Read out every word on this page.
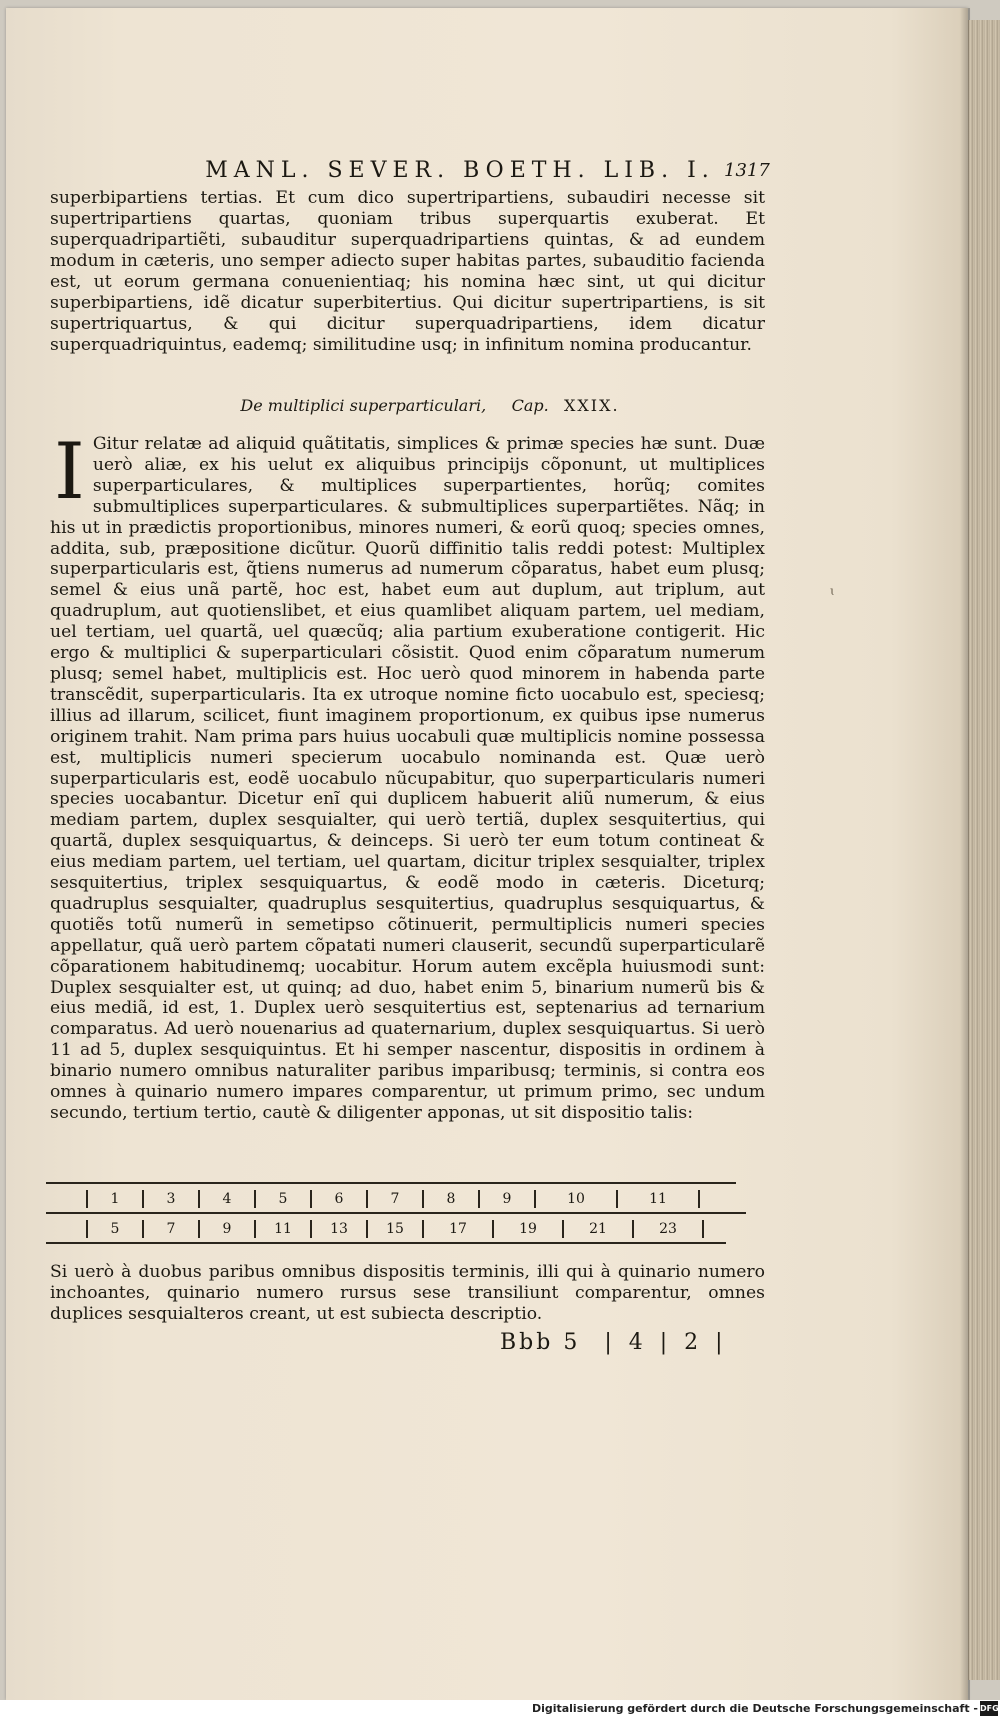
MANL. SEVER. BOETH. LIB. I. 1317

superbipartiens tertias. Et cum dico supertripartiens, subaudiri necesse sit supertripartiens quartas, quoniam tribus superquartis exuberat. Et superquadripartiẽti, subauditur superquadripartiens quintas, & ad eundem modum in cæteris, uno semper adiecto super habitas partes, subauditio facienda est, ut eorum germana conuenientiaq; his nomina hæc sint, ut qui dicitur superbipartiens, idẽ dicatur superbitertius. Qui dicitur supertripartiens, is sit supertriquartus, & qui dicitur superquadripartiens, idem dicatur superquadriquintus, eademq; similitudine usq; in infinitum nomina producantur.

De multiplici superparticulari, Cap. XXIX.

I Gitur relatæ ad aliquid quãtitatis, simplices & primæ species hæ sunt. Duæ uerò aliæ, ex his uelut ex aliquibus principijs cõponunt, ut multiplices superparticulares, & multiplices superpartientes, horũq; comites submultiplices superparticulares. & submultiplices superpartiẽtes. Nãq; in his ut in prædictis proportionibus, minores numeri, & eorũ quoq; species omnes, addita, sub, præpositione dicũtur. Quorũ diffinitio talis reddi potest: Multiplex superparticularis est, q̃tiens numerus ad numerum cõparatus, habet eum plusq; semel & eius unã partẽ, hoc est, habet eum aut duplum, aut triplum, aut quadruplum, aut quotienslibet, et eius quamlibet aliquam partem, uel mediam, uel tertiam, uel quartã, uel quæcũq; alia partium exuberatione contigerit. Hic ergo & multiplici & superparticulari cõsistit. Quod enim cõparatum numerum plusq; semel habet, multiplicis est. Hoc uerò quod minorem in habenda parte transcẽdit, superparticularis. Ita ex utroque nomine ficto uocabulo est, speciesq; illius ad illarum, scilicet, fiunt imaginem proportionum, ex quibus ipse numerus originem trahit. Nam prima pars huius uocabuli quæ multiplicis nomine possessa est, multiplicis numeri specierum uocabulo nominanda est. Quæ uerò superparticularis est, eodẽ uocabulo nũcupabitur, quo superparticularis numeri species uocabantur. Dicetur enĩ qui duplicem habuerit aliũ numerum, & eius mediam partem, duplex sesquialter, qui uerò tertiã, duplex sesquitertius, qui quartã, duplex sesquiquartus, & deinceps. Si uerò ter eum totum contineat & eius mediam partem, uel tertiam, uel quartam, dicitur triplex sesquialter, triplex sesquitertius, triplex sesquiquartus, & eodẽ modo in cæteris. Diceturq; quadruplus sesquialter, quadruplus sesquitertius, quadruplus sesquiquartus, & quotiẽs totũ numerũ in semetipso cõtinuerit, permultiplicis numeri species appellatur, quã uerò partem cõpatati numeri clauserit, secundũ superparticularẽ cõparationem habitudinemq; uocabitur. Horum autem excẽpla huiusmodi sunt: Duplex sesquialter est, ut quinq; ad duo, habet enim 5, binarium numerũ bis & eius mediã, id est, 1. Duplex uerò sesquitertius est, septenarius ad ternarium comparatus. Ad uerò nouenarius ad quaternarium, duplex sesquiquartus. Si uerò 11 ad 5, duplex sesquiquintus. Et hi semper nascentur, dispositis in ordinem à binario numero omnibus naturaliter paribus imparibusq; terminis, si contra eos omnes à quinario numero impares comparentur, ut primum primo, sec undum secundo, tertium tertio, cautè & diligenter apponas, ut sit dispositio talis:
1	3	4	5	6	7	8	9	10	11
5	7	9	11	13	15	17	19	21	23

Si uerò à duobus paribus omnibus dispositis terminis, illi qui à quinario numero inchoantes, quinario numero rursus sese transiliunt comparentur, omnes duplices sesquialteros creant, ut est subiecta descriptio.

Bbb 5 | 4 | 2 |
ɩ
Digitalisierung gefördert durch die Deutsche Forschungsgemeinschaft - DFG
